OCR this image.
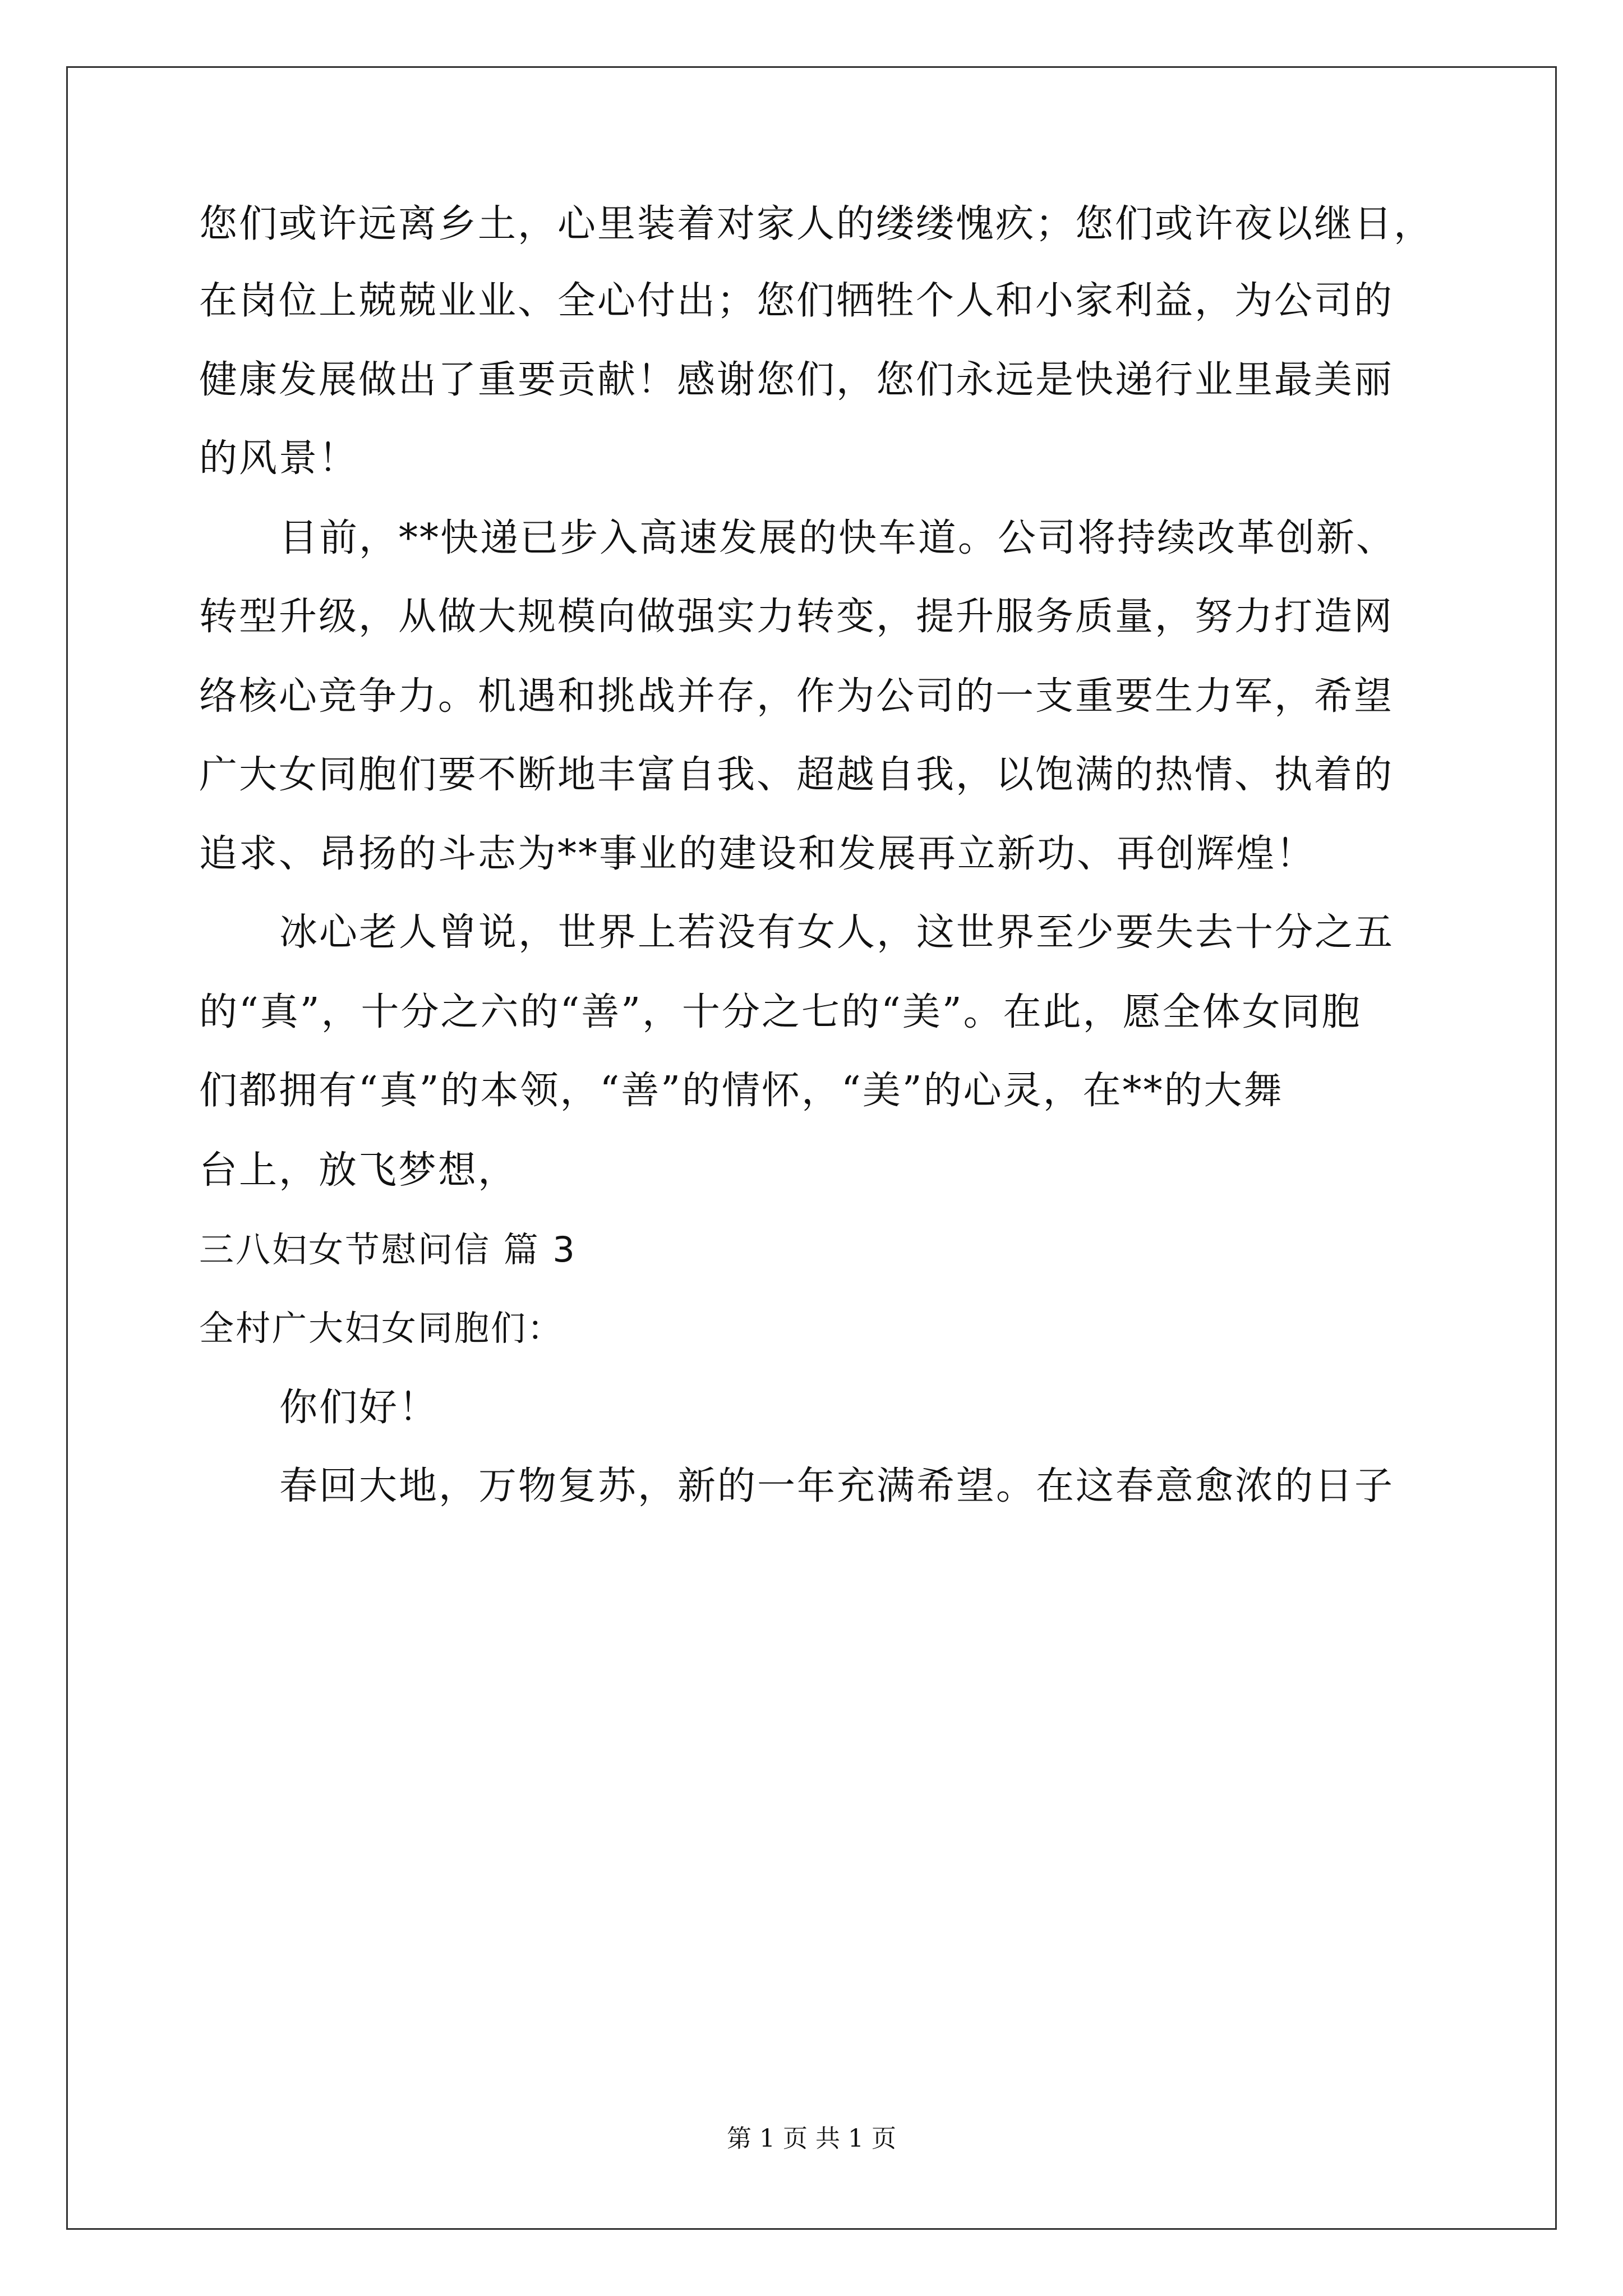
您们或许远离乡土，心里装着对家人的缕缕愧疚；您们或许夜以继日，
在岗位上兢兢业业、全心付出；您们牺牲个人和小家利益，为公司的
健康发展做出了重要贡献！感谢您们，您们永远是快递行业里最美丽
的风景！
目前，**快递已步入高速发展的快车道。公司将持续改革创新、
转型升级，从做大规模向做强实力转变，提升服务质量，努力打造网
络核心竞争力。机遇和挑战并存，作为公司的一支重要生力军，希望
广大女同胞们要不断地丰富自我、超越自我，以饱满的热情、执着的
追求、昂扬的斗志为**事业的建设和发展再立新功、再创辉煌！
冰心老人曾说，世界上若没有女人，这世界至少要失去十分之五
的“真”，十分之六的“善”，十分之七的“美”。在此，愿全体女同胞
们都拥有“真”的本领，“善”的情怀，“美”的心灵，在**的大舞
台上，放飞梦想，
三八妇女节慰问信 篇 3
全村广大妇女同胞们：
你们好！
春回大地，万物复苏，新的一年充满希望。在这春意愈浓的日子
第 1 页 共 1 页
